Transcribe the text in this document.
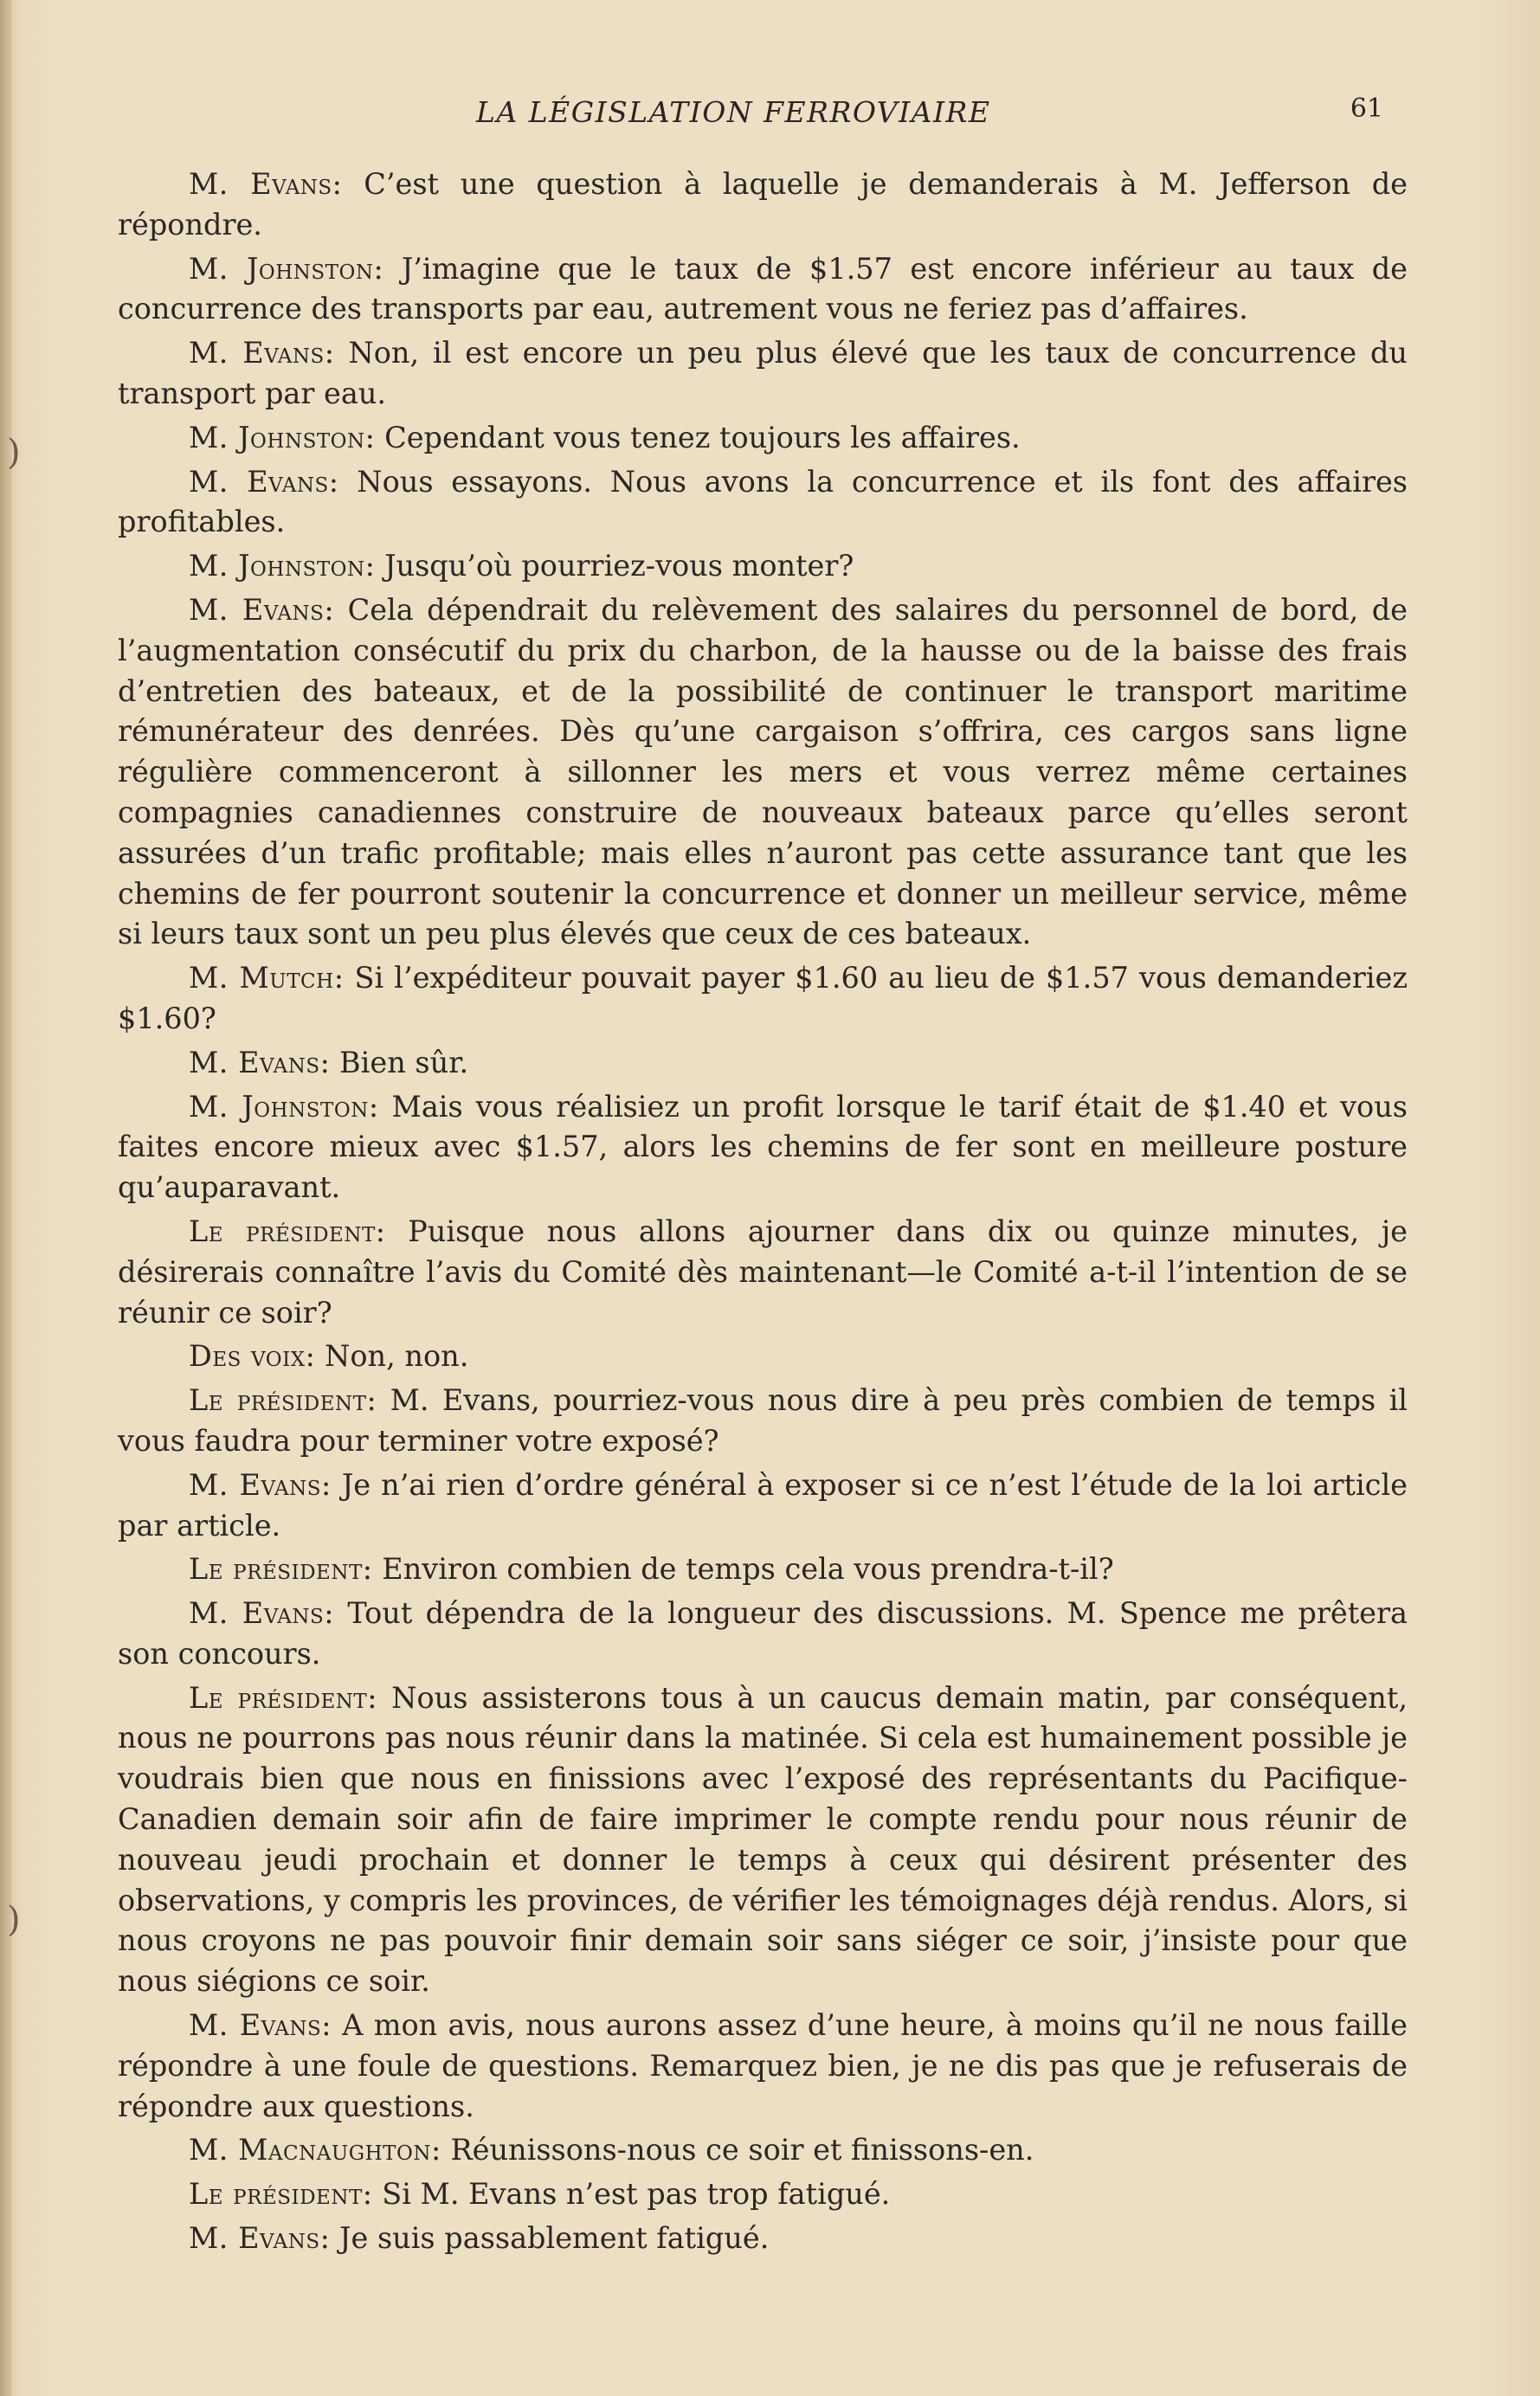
)
)
LA LÉGISLATION FERROVIAIRE	61

M. Evans: C’est une question à laquelle je demanderais à M. Jefferson de répondre.

M. Johnston: J’imagine que le taux de $1.57 est encore inférieur au taux de concurrence des transports par eau, autrement vous ne feriez pas d’affaires.

M. Evans: Non, il est encore un peu plus élevé que les taux de concurrence du transport par eau.

M. Johnston: Cependant vous tenez toujours les affaires.

M. Evans: Nous essayons. Nous avons la concurrence et ils font des affaires profitables.

M. Johnston: Jusqu’où pourriez-vous monter?

M. Evans: Cela dépendrait du relèvement des salaires du personnel de bord, de l’augmentation consécutif du prix du charbon, de la hausse ou de la baisse des frais d’entretien des bateaux, et de la possibilité de continuer le transport maritime rémunérateur des denrées. Dès qu’une cargaison s’offrira, ces cargos sans ligne régulière commenceront à sillonner les mers et vous verrez même certaines compagnies canadiennes construire de nouveaux bateaux parce qu’elles seront assurées d’un trafic profitable; mais elles n’auront pas cette assurance tant que les chemins de fer pourront soutenir la concurrence et donner un meilleur service, même si leurs taux sont un peu plus élevés que ceux de ces bateaux.

M. Mutch: Si l’expéditeur pouvait payer $1.60 au lieu de $1.57 vous demanderiez $1.60?

M. Evans: Bien sûr.

M. Johnston: Mais vous réalisiez un profit lorsque le tarif était de $1.40 et vous faites encore mieux avec $1.57, alors les chemins de fer sont en meilleure posture qu’auparavant.

Le président: Puisque nous allons ajourner dans dix ou quinze minutes, je désirerais connaître l’avis du Comité dès maintenant—le Comité a-t-il l’intention de se réunir ce soir?

Des voix: Non, non.

Le président: M. Evans, pourriez-vous nous dire à peu près combien de temps il vous faudra pour terminer votre exposé?

M. Evans: Je n’ai rien d’ordre général à exposer si ce n’est l’étude de la loi article par article.

Le président: Environ combien de temps cela vous prendra-t-il?

M. Evans: Tout dépendra de la longueur des discussions. M. Spence me prêtera son concours.

Le président: Nous assisterons tous à un caucus demain matin, par conséquent, nous ne pourrons pas nous réunir dans la matinée. Si cela est humainement possible je voudrais bien que nous en finissions avec l’exposé des représentants du Pacifique-Canadien demain soir afin de faire imprimer le compte rendu pour nous réunir de nouveau jeudi prochain et donner le temps à ceux qui désirent présenter des observations, y compris les provinces, de vérifier les témoignages déjà rendus. Alors, si nous croyons ne pas pouvoir finir demain soir sans siéger ce soir, j’insiste pour que nous siégions ce soir.

M. Evans: A mon avis, nous aurons assez d’une heure, à moins qu’il ne nous faille répondre à une foule de questions. Remarquez bien, je ne dis pas que je refuserais de répondre aux questions.

M. Macnaughton: Réunissons-nous ce soir et finissons-en.

Le président: Si M. Evans n’est pas trop fatigué.

M. Evans: Je suis passablement fatigué.
